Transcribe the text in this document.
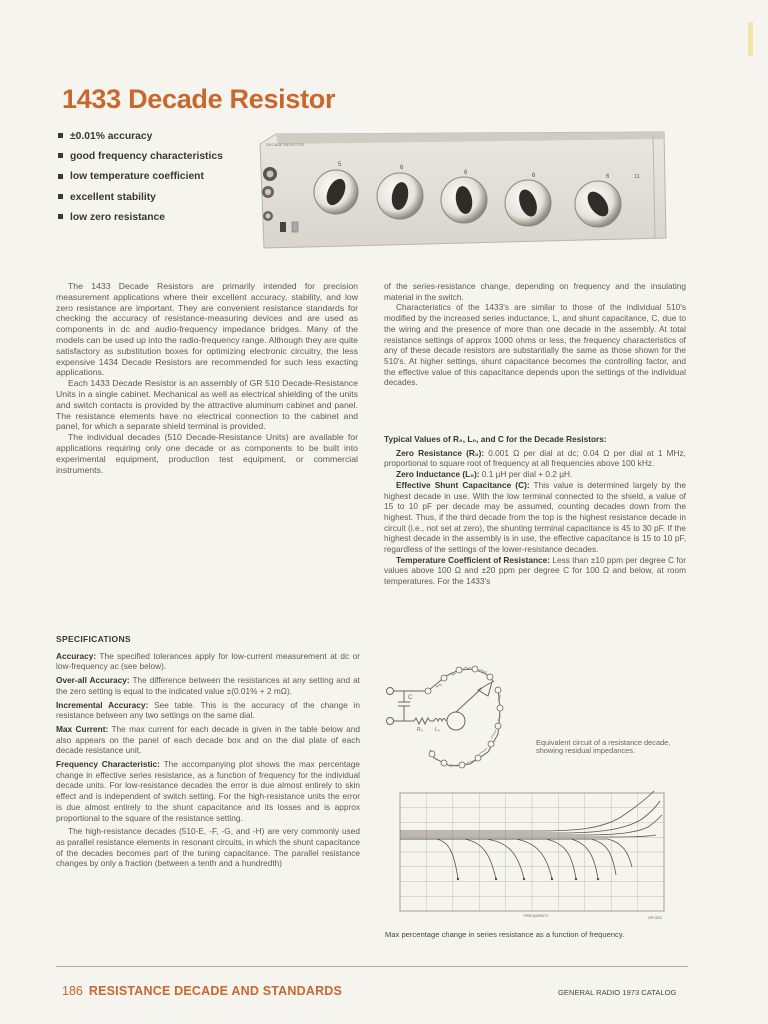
1433 Decade Resistor
±0.01% accuracy
good frequency characteristics
low temperature coefficient
excellent stability
low zero resistance
DECADE RESISTOR
5	6
6	6	6	11

The 1433 Decade Resistors are primarily intended for precision measurement applications where their excellent accuracy, stability, and low zero resistance are important. They are convenient resistance standards for checking the accuracy of resistance-measuring devices and are used as components in dc and audio-frequency impedance bridges. Many of the models can be used up into the radio-frequency range. Although they are quite satisfactory as substitution boxes for optimizing electronic circuitry, the less expensive 1434 Decade Resistors are recommended for such less exacting applications.

Each 1433 Decade Resistor is an assembly of GR 510 Decade-Resistance Units in a single cabinet. Mechanical as well as electrical shielding of the units and switch contacts is provided by the attractive aluminum cabinet and panel. The resistance elements have no electrical connection to the cabinet and panel, for which a separate shield terminal is provided.

The individual decades (510 Decade-Resistance Units) are available for applications requiring only one decade or as components to be built into experimental equipment, production test equipment, or commercial instruments.

of the series-resistance change, depending on frequency and the insulating material in the switch.

Characteristics of the 1433's are similar to those of the individual 510's modified by the increased series inductance, L, and shunt capacitance, C, due to the wiring and the presence of more than one decade in the assembly. At total resistance settings of approx 1000 ohms or less, the frequency characteristics of any of these decade resistors are substantially the same as those shown for the 510's. At higher settings, shunt capacitance becomes the controlling factor, and the effective value of this capacitance depends upon the settings of the individual decades.

Typical Values of R₀, L₀, and C for the Decade Resistors:

Zero Resistance (R₀): 0.001 Ω per dial at dc; 0.04 Ω per dial at 1 MHz, proportional to square root of frequency at all frequencies above 100 kHz.

Zero Inductance (L₀): 0.1 µH per dial + 0.2 µH.

Effective Shunt Capacitance (C): This value is determined largely by the highest decade in use. With the low terminal connected to the shield, a value of 15 to 10 pF per decade may be assumed, counting decades down from the highest. Thus, if the third decade from the top is the highest resistance decade in circuit (i.e., not set at zero), the shunting terminal capacitance is 45 to 30 pF. If the highest decade in the assembly is in use, the effective capacitance is 15 to 10 pF, regardless of the settings of the lower-resistance decades.

Temperature Coefficient of Resistance: Less than ±10 ppm per degree C for values above 100 Ω and ±20 ppm per degree C for 100 Ω and below, at room temperatures. For the 1433's

SPECIFICATIONS

Accuracy: The specified tolerances apply for low-current measurement at dc or low-frequency ac (see below).

Over-all Accuracy: The difference between the resistances at any setting and at the zero setting is equal to the indicated value ±(0.01% + 2 mΩ).

Incremental Accuracy: See table. This is the accuracy of the change in resistance between any two settings on the same dial.

Max Current: The max current for each decade is given in the table below and also appears on the panel of each decade box and on the dial plate of each decade resistance unit.

Frequency Characteristic: The accompanying plot shows the max percentage change in effective series resistance, as a function of frequency for the individual decade units. For low-resistance decades the error is due almost entirely to skin effect and is independent of switch setting. For the high-resistance units the error is due almost entirely to the shunt capacitance and its losses and is approx proportional to the square of the resistance setting.

The high-resistance decades (510-E, -F, -G, and -H) are very commonly used as parallel resistance elements in resonant circuits, in which the shunt capacitance of the decades becomes part of the tuning capacitance. The parallel resistance changes by only a fraction (between a tenth and a hundredth)

C
R₀ L₀
Equivalent circuit of a resistance decade, showing residual impedances.
FREQUENCY	GR 522
Max percentage change in series resistance as a function of frequency.
186 RESISTANCE DECADE AND STANDARDS	GENERAL RADIO 1973 CATALOG
